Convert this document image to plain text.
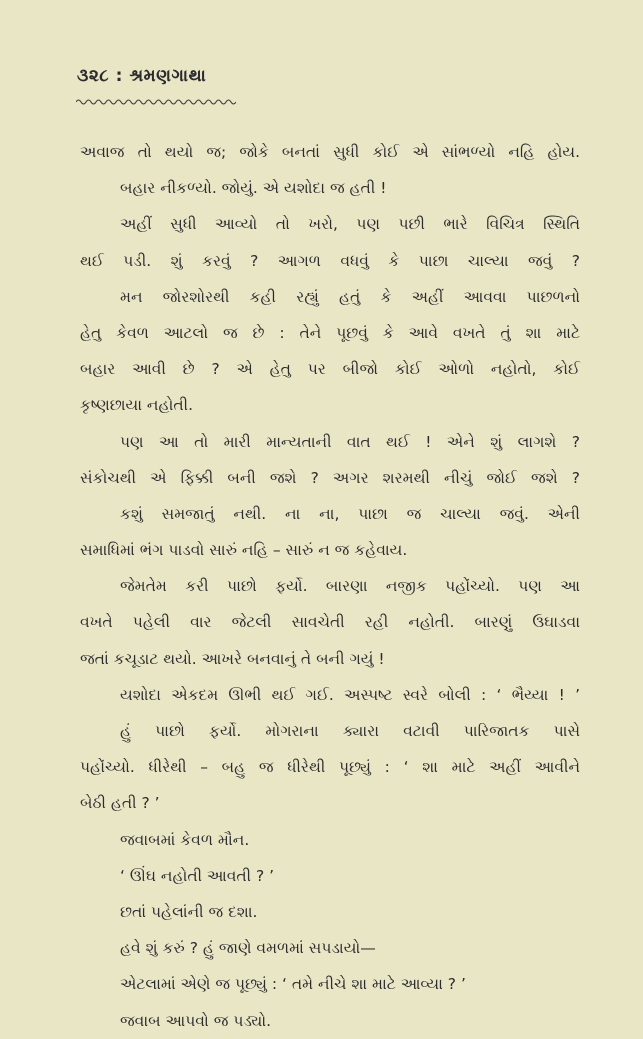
૩૨૮ : શ્રમણગાથા
અવાજ તો થયો જ; જોકે બનતાં સુધી કોઈ એ સાંભળ્યો નહિ હોય.
બહાર નીકળ્યો. જોયું. એ યશોદા જ હતી !
અહીં સુધી આવ્યો તો ખરો, પણ પછી ભારે વિચિત્ર સ્થિતિ
થઈ પડી. શું કરવું ? આગળ વધવું કે પાછા ચાલ્યા જવું ?
મન જોરશોરથી કહી રહ્યું હતું કે અહીં આવવા પાછળનો
હેતુ કેવળ આટલો જ છે : તેને પૂછવું કે આવે વખતે તું શા માટે
બહાર આવી છે ? એ હેતુ પર બીજો કોઈ ઓળો નહોતો, કોઈ
કૃષ્ણછાયા નહોતી.
પણ આ તો મારી માન્યતાની વાત થઈ ! એને શું લાગશે ?
સંકોચથી એ ફિક્કી બની જશે ? અગર શરમથી નીચું જોઈ જશે ?
કશું સમજાતું નથી. ના ના, પાછા જ ચાલ્યા જવું. એની
સમાધિમાં ભંગ પાડવો સારું નહિ – સારું ન જ કહેવાય.
જેમતેમ કરી પાછો ફર્યો. બારણા નજીક પહોંચ્યો. પણ આ
વખતે પહેલી વાર જેટલી સાવચેતી રહી નહોતી. બારણું ઉઘાડવા
જતાં કચૂડાટ થયો. આખરે બનવાનું તે બની ગયું !
યશોદા એકદમ ઊભી થઈ ગઈ. અસ્પષ્ટ સ્વરે બોલી : ‘ ભૈય્યા ! ’
હું પાછો ફર્યો. મોગરાના ક્યારા વટાવી પારિજાતક પાસે
પહોંચ્યો. ધીરેથી – બહુ જ ધીરેથી પૂછ્યું : ‘ શા માટે અહીં આવીને
બેઠી હતી ? ’
જવાબમાં કેવળ મૌન.
‘ ઊંઘ નહોતી આવતી ? ’
છતાં પહેલાંની જ દશા.
હવે શું કરું ? હું જાણે વમળમાં સપડાયો—
એટલામાં એણે જ પૂછ્યું : ‘ તમે નીચે શા માટે આવ્યા ? ’
જવાબ આપવો જ પડ્યો.
